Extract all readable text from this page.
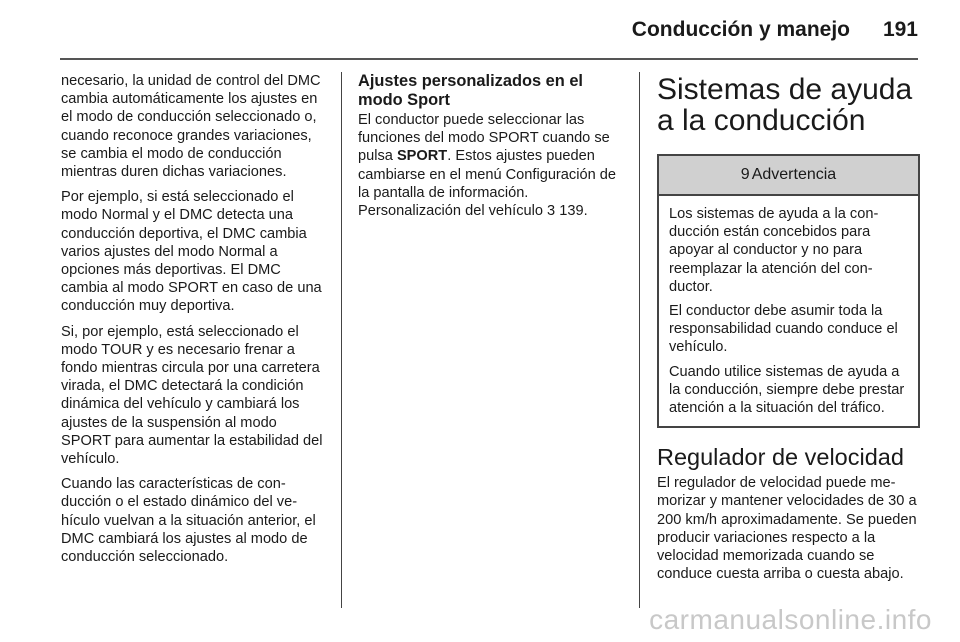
Conducción y manejo 191

necesario, la unidad de control del DMC cambia automáticamente los ajustes en el modo de conducción seleccionado o, cuando reconoce grandes variaciones, se cambia el modo de conducción mientras duren dichas variaciones.

Por ejemplo, si está seleccionado el modo Normal y el DMC detecta una conducción deportiva, el DMC cambia varios ajustes del modo Normal a opciones más deportivas. El DMC cambia al modo SPORT en caso de una conducción muy deportiva.

Si, por ejemplo, está seleccionado el modo TOUR y es necesario frenar a fondo mientras circula por una carretera virada, el DMC detectará la condición dinámica del vehículo y cambiará los ajustes de la suspensión al modo SPORT para aumentar la estabilidad del vehículo.

Cuando las características de conducción o el estado dinámico del vehículo vuelvan a la situación anterior, el DMC cambiará los ajustes al modo de conducción seleccionado.

Ajustes personalizados en el modo Sport

El conductor puede seleccionar las funciones del modo SPORT cuando se pulsa SPORT. Estos ajustes pueden cambiarse en el menú Configuración de la pantalla de información. Personalización del vehículo 3 139.

Sistemas de ayuda a la conducción
9 Advertencia

Los sistemas de ayuda a la conducción están concebidos para apoyar al conductor y no para reemplazar la atención del conductor.

El conductor debe asumir toda la responsabilidad cuando conduce el vehículo.

Cuando utilice sistemas de ayuda a la conducción, siempre debe prestar atención a la situación del tráfico.

Regulador de velocidad

El regulador de velocidad puede memorizar y mantener velocidades de 30 a 200 km/h aproximadamente. Se pueden producir variaciones respecto a la velocidad memorizada cuando se conduce cuesta arriba o cuesta abajo.

carmanualsonline.info
